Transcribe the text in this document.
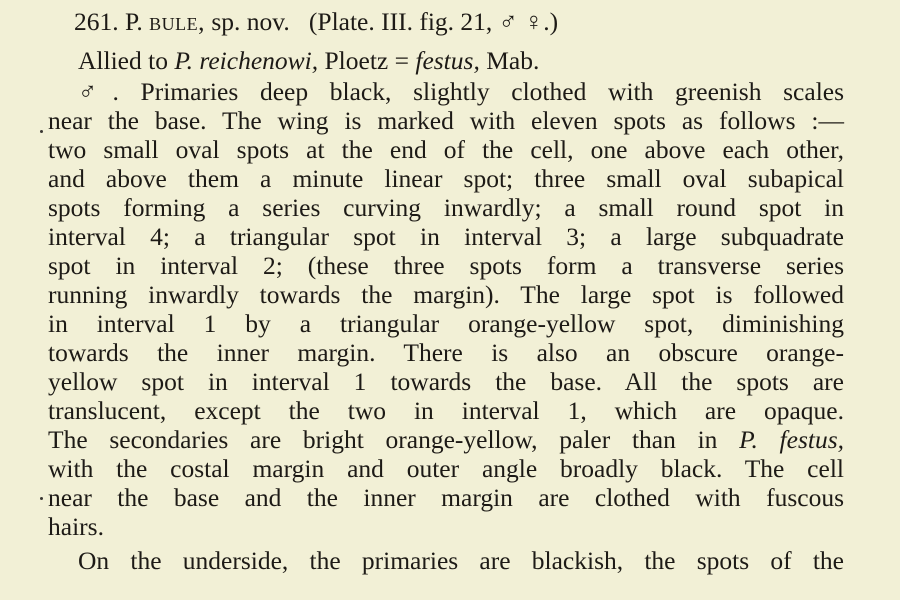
261. P. bule, sp. nov. (Plate. III. fig. 21, ♂ ♀.)
Allied to P. reichenowi, Ploetz = festus, Mab.
♂. Primaries deep black, slightly clothed with greenish scales
near the base. The wing is marked with eleven spots as follows :—
two small oval spots at the end of the cell, one above each other,
and above them a minute linear spot; three small oval subapical
spots forming a series curving inwardly; a small round spot in
interval 4; a triangular spot in interval 3; a large subquadrate
spot in interval 2; (these three spots form a transverse series
running inwardly towards the margin). The large spot is followed
in interval 1 by a triangular orange-yellow spot, diminishing
towards the inner margin. There is also an obscure orange-
yellow spot in interval 1 towards the base. All the spots are
translucent, except the two in interval 1, which are opaque.
The secondaries are bright orange-yellow, paler than in P. festus,
with the costal margin and outer angle broadly black. The cell
near the base and the inner margin are clothed with fuscous
hairs.
On the underside, the primaries are blackish, the spots of the
